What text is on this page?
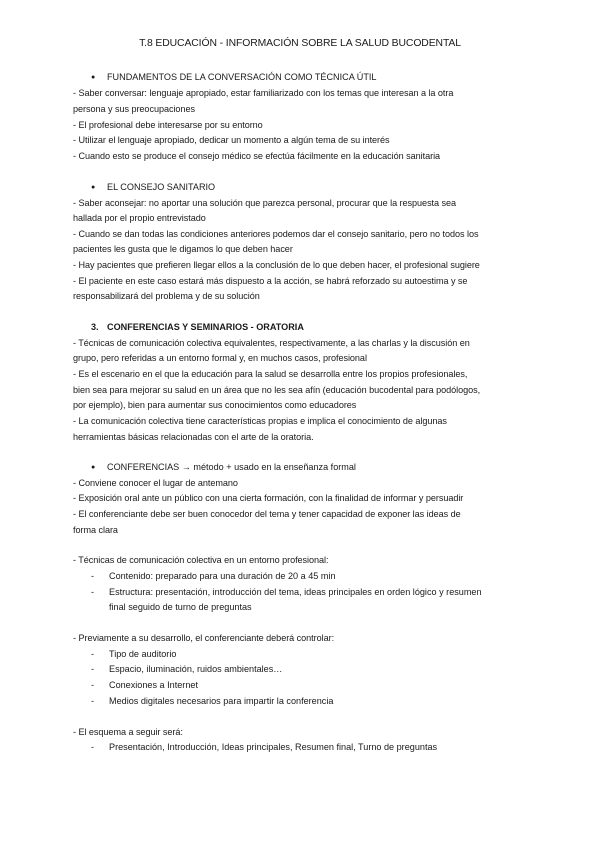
T.8 EDUCACIÓN - INFORMACIÓN SOBRE LA SALUD BUCODENTAL
● FUNDAMENTOS DE LA CONVERSACIÓN COMO TÉCNICA ÚTIL
- Saber conversar: lenguaje apropiado, estar familiarizado con los temas que interesan a la otra
persona y sus preocupaciones
- El profesional debe interesarse por su entorno
- Utilizar el lenguaje apropiado, dedicar un momento a algún tema de su interés
- Cuando esto se produce el consejo médico se efectúa fácilmente en la educación sanitaria
● EL CONSEJO SANITARIO
- Saber aconsejar: no aportar una solución que parezca personal, procurar que la respuesta sea
hallada por el propio entrevistado
- Cuando se dan todas las condiciones anteriores podemos dar el consejo sanitario, pero no todos los
pacientes les gusta que le digamos lo que deben hacer
- Hay pacientes que prefieren llegar ellos a la conclusión de lo que deben hacer, el profesional sugiere
- El paciente en este caso estará más dispuesto a la acción, se habrá reforzado su autoestima y se
responsabilizará del problema y de su solución
3. CONFERENCIAS Y SEMINARIOS - ORATORIA
- Técnicas de comunicación colectiva equivalentes, respectivamente, a las charlas y la discusión en
grupo, pero referidas a un entorno formal y, en muchos casos, profesional
- Es el escenario en el que la educación para la salud se desarrolla entre los propios profesionales,
bien sea para mejorar su salud en un área que no les sea afín (educación bucodental para podólogos,
por ejemplo), bien para aumentar sus conocimientos como educadores
- La comunicación colectiva tiene características propias e implica el conocimiento de algunas
herramientas básicas relacionadas con el arte de la oratoria.
● CONFERENCIAS → método + usado en la enseñanza formal
- Conviene conocer el lugar de antemano
- Exposición oral ante un público con una cierta formación, con la finalidad de informar y persuadir
- El conferenciante debe ser buen conocedor del tema y tener capacidad de exponer las ideas de
forma clara
- Técnicas de comunicación colectiva en un entorno profesional:
- Contenido: preparado para una duración de 20 a 45 min
- Estructura: presentación, introducción del tema, ideas principales en orden lógico y resumen
final seguido de turno de preguntas
- Previamente a su desarrollo, el conferenciante deberá controlar:
- Tipo de auditorio
- Espacio, iluminación, ruidos ambientales…
- Conexiones a Internet
- Medios digitales necesarios para impartir la conferencia
- El esquema a seguir será:
- Presentación, Introducción, Ideas principales, Resumen final, Turno de preguntas
